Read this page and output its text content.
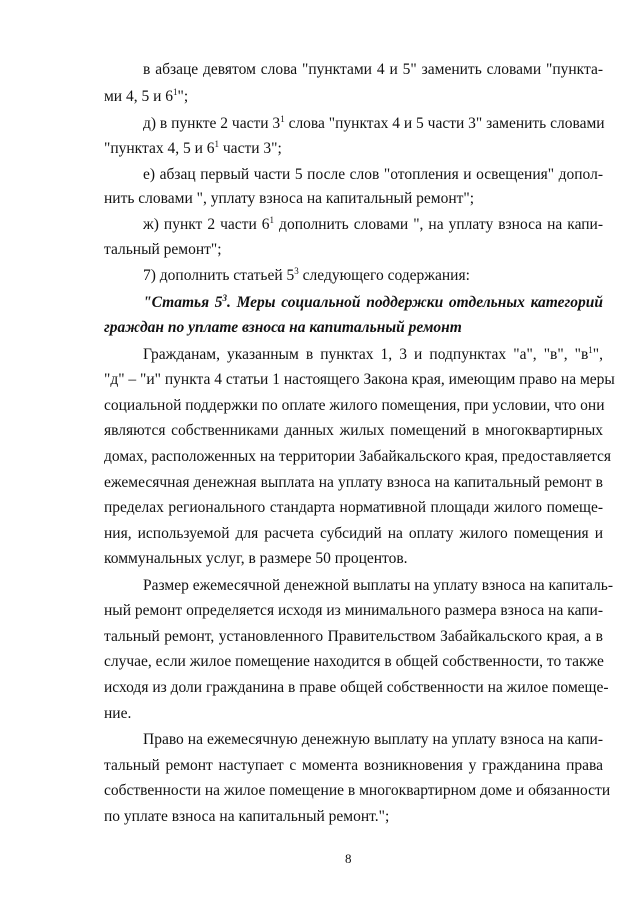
в абзаце девятом слова "пунктами 4 и 5" заменить словами "пункта-
ми 4, 5 и $6^1$";
д) в пункте 2 части $3^1$ слова "пунктах 4 и 5 части 3" заменить словами
"пунктах 4, 5 и $6^1$ части 3";
е) абзац первый части 5 после слов "отопления и освещения" допол-
нить словами ", уплату взноса на капитальный ремонт";
ж) пункт 2 части $6^1$ дополнить словами ", на уплату взноса на капи-
тальный ремонт";
7) дополнить статьей $5^3$ следующего содержания:
"Статья $5^3$. Меры социальной поддержки отдельных категорий
граждан по уплате взноса на капитальный ремонт
Гражданам, указанным в пунктах 1, 3 и подпунктах "а", "в", "$в^1$",
"д" – "и" пункта 4 статьи 1 настоящего Закона края, имеющим право на меры
социальной поддержки по оплате жилого помещения, при условии, что они
являются собственниками данных жилых помещений в многоквартирных
домах, расположенных на территории Забайкальского края, предоставляется
ежемесячная денежная выплата на уплату взноса на капитальный ремонт в
пределах регионального стандарта нормативной площади жилого помеще-
ния, используемой для расчета субсидий на оплату жилого помещения и
коммунальных услуг, в размере 50 процентов.
Размер ежемесячной денежной выплаты на уплату взноса на капиталь-
ный ремонт определяется исходя из минимального размера взноса на капи-
тальный ремонт, установленного Правительством Забайкальского края, а в
случае, если жилое помещение находится в общей собственности, то также
исходя из доли гражданина в праве общей собственности на жилое помеще-
ние.
Право на ежемесячную денежную выплату на уплату взноса на капи-
тальный ремонт наступает с момента возникновения у гражданина права
собственности на жилое помещение в многоквартирном доме и обязанности
по уплате взноса на капитальный ремонт.";
8
